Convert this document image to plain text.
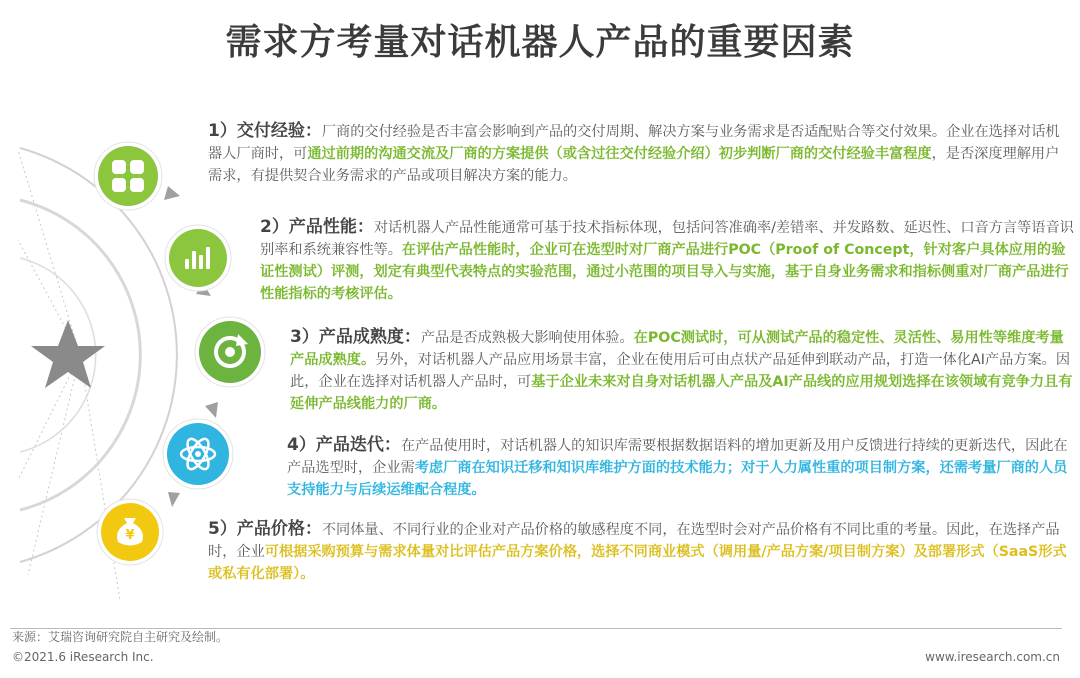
需求方考量对话机器人产品的重要因素
¥
1）交付经验：厂商的交付经验是否丰富会影响到产品的交付周期、解决方案与业务需求是否适配贴合等交付效果。企业在选择对话机器人厂商时，可通过前期的沟通交流及厂商的方案提供（或含过往交付经验介绍）初步判断厂商的交付经验丰富程度，是否深度理解用户需求，有提供契合业务需求的产品或项目解决方案的能力。
2）产品性能：对话机器人产品性能通常可基于技术指标体现，包括问答准确率/差错率、并发路数、延迟性、口音方言等语音识别率和系统兼容性等。在评估产品性能时，企业可在选型时对厂商产品进行POC（Proof of Concept，针对客户具体应用的验证性测试）评测，划定有典型代表特点的实验范围，通过小范围的项目导入与实施，基于自身业务需求和指标侧重对厂商产品进行性能指标的考核评估。
3）产品成熟度：产品是否成熟极大影响使用体验。在POC测试时，可从测试产品的稳定性、灵活性、易用性等维度考量产品成熟度。另外，对话机器人产品应用场景丰富，企业在使用后可由点状产品延伸到联动产品，打造一体化AI产品方案。因此，企业在选择对话机器人产品时，可基于企业未来对自身对话机器人产品及AI产品线的应用规划选择在该领域有竞争力且有延伸产品线能力的厂商。
4）产品迭代：在产品使用时，对话机器人的知识库需要根据数据语料的增加更新及用户反馈进行持续的更新迭代，因此在产品选型时，企业需考虑厂商在知识迁移和知识库维护方面的技术能力；对于人力属性重的项目制方案，还需考量厂商的人员支持能力与后续运维配合程度。
5）产品价格：不同体量、不同行业的企业对产品价格的敏感程度不同，在选型时会对产品价格有不同比重的考量。因此，在选择产品时，企业可根据采购预算与需求体量对比评估产品方案价格，选择不同商业模式（调用量/产品方案/项目制方案）及部署形式（SaaS形式或私有化部署）。
来源：艾瑞咨询研究院自主研究及绘制。
©2021.6 iResearch Inc.	www.iresearch.com.cn
